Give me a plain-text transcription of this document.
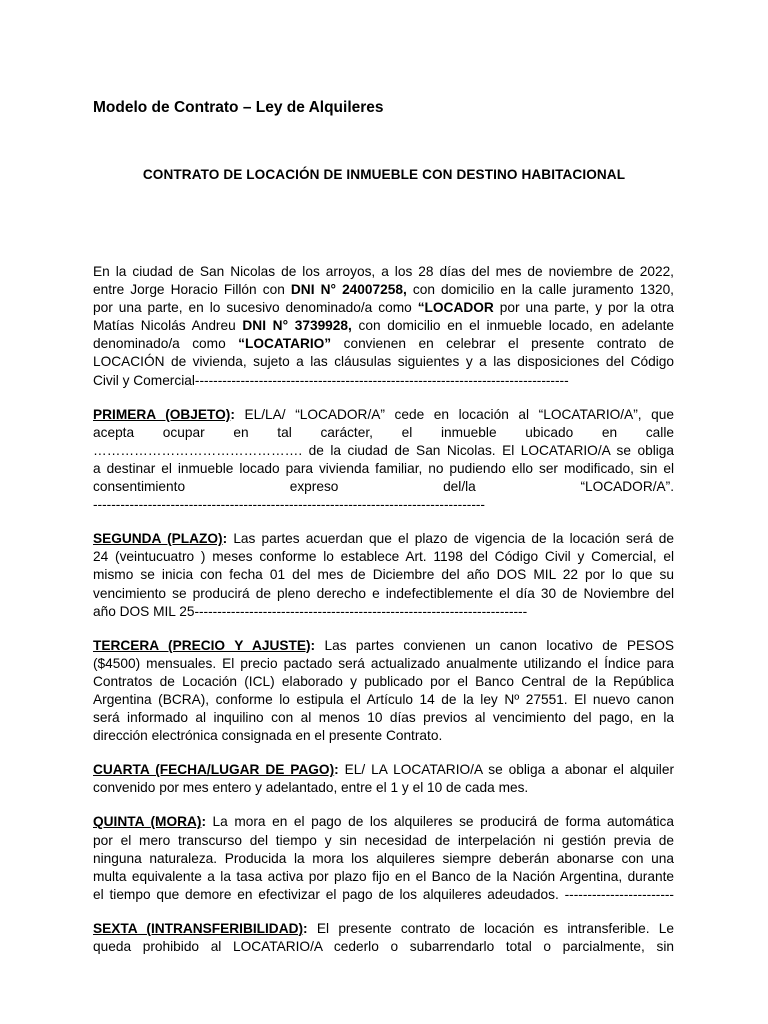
Modelo de Contrato – Ley de Alquileres
CONTRATO DE LOCACIÓN DE INMUEBLE CON DESTINO HABITACIONAL
En la ciudad de San Nicolas de los arroyos, a los 28 días del mes de noviembre de 2022,
entre Jorge Horacio Fillón con DNI N° 24007258, con domicilio en la calle juramento 1320,
por una parte, en lo sucesivo denominado/a como “LOCADOR por una parte, y por la otra
Matías Nicolás Andreu DNI N° 3739928, con domicilio en el inmueble locado, en adelante
denominado/a como “LOCATARIO” convienen en celebrar el presente contrato de
LOCACIÓN de vivienda, sujeto a las cláusulas siguientes y a las disposiciones del Código
Civil y Comercial----------------------------------------------------------------------------------
PRIMERA (OBJETO): EL/LA/ “LOCADOR/A” cede en locación al “LOCATARIO/A”, que
acepta ocupar en tal carácter, el inmueble ubicado en calle
………………………………………. de la ciudad de San Nicolas. El LOCATARIO/A se obliga
a destinar el inmueble locado para vivienda familiar, no pudiendo ello ser modificado, sin el
consentimiento expreso del/la “LOCADOR/A”.
--------------------------------------------------------------------------------------
SEGUNDA (PLAZO): Las partes acuerdan que el plazo de vigencia de la locación será de
24 (veintucuatro ) meses conforme lo establece Art. 1198 del Código Civil y Comercial, el
mismo se inicia con fecha 01 del mes de Diciembre del año DOS MIL 22 por lo que su
vencimiento se producirá de pleno derecho e indefectiblemente el día 30 de Noviembre del
año DOS MIL 25-------------------------------------------------------------------------
TERCERA (PRECIO Y AJUSTE): Las partes convienen un canon locativo de PESOS
($4500) mensuales. El precio pactado será actualizado anualmente utilizando el Índice para
Contratos de Locación (ICL) elaborado y publicado por el Banco Central de la República
Argentina (BCRA), conforme lo estipula el Artículo 14 de la ley Nº 27551. El nuevo canon
será informado al inquilino con al menos 10 días previos al vencimiento del pago, en la
dirección electrónica consignada en el presente Contrato.
CUARTA (FECHA/LUGAR DE PAGO): EL/ LA LOCATARIO/A se obliga a abonar el alquiler
convenido por mes entero y adelantado, entre el 1 y el 10 de cada mes.
QUINTA (MORA): La mora en el pago de los alquileres se producirá de forma automática
por el mero transcurso del tiempo y sin necesidad de interpelación ni gestión previa de
ninguna naturaleza. Producida la mora los alquileres siempre deberán abonarse con una
multa equivalente a la tasa activa por plazo fijo en el Banco de la Nación Argentina, durante
el tiempo que demore en efectivizar el pago de los alquileres adeudados. ------------------------
SEXTA (INTRANSFERIBILIDAD): El presente contrato de locación es intransferible. Le
queda prohibido al LOCATARIO/A cederlo o subarrendarlo total o parcialmente, sin
